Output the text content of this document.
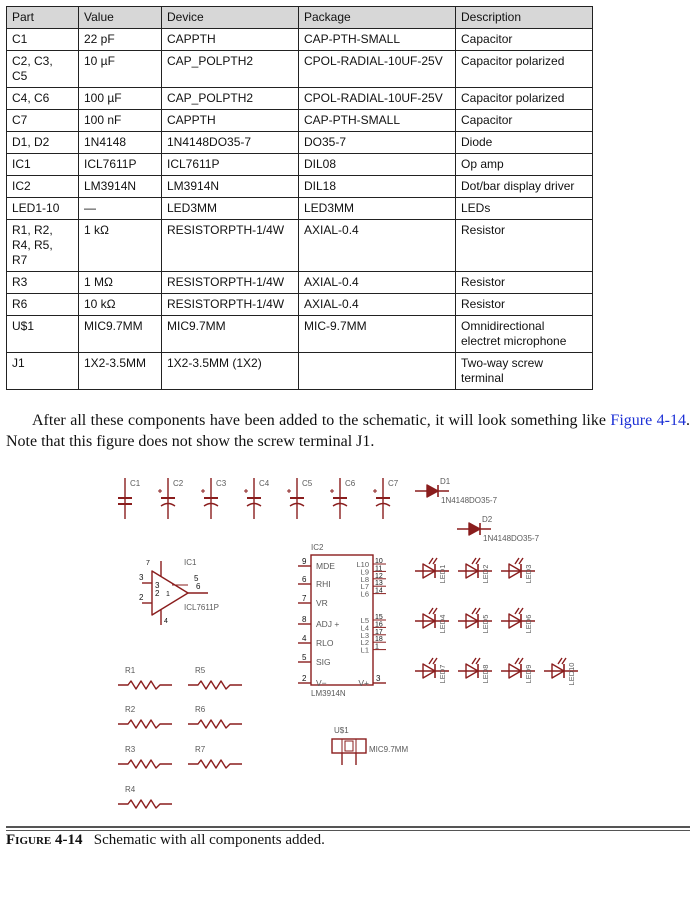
Part	Value	Device	Package	Description
C1	22 pF	CAPPTH	CAP-PTH-SMALL	Capacitor
C2, C3,
C5	10 µF	CAP_POLPTH2	CPOL-RADIAL-10UF-25V	Capacitor polarized
C4, C6	100 µF	CAP_POLPTH2	CPOL-RADIAL-10UF-25V	Capacitor polarized
C7	100 nF	CAPPTH	CAP-PTH-SMALL	Capacitor
D1, D2	1N4148	1N4148DO35-7	DO35-7	Diode
IC1	ICL7611P	ICL7611P	DIL08	Op amp
IC2	LM3914N	LM3914N	DIL18	Dot/bar display driver
LED1-10	—	LED3MM	LED3MM	LEDs
R1, R2,
R4, R5,
R7	1 kΩ	RESISTORPTH-1/4W	AXIAL-0.4	Resistor
R3	1 MΩ	RESISTORPTH-1/4W	AXIAL-0.4	Resistor
R6	10 kΩ	RESISTORPTH-1/4W	AXIAL-0.4	Resistor
U$1	MIC9.7MM	MIC9.7MM	MIC-9.7MM	Omnidirectional
electret microphone
J1	1X2-3.5MM	1X2-3.5MM (1X2)		Two-way screw
terminal

After all these components have been added to the schematic, it will look something like Figure 4-14. Note that this figure does not show the screw terminal J1.

C1	C2	C3	C4	C5	C6	C7	D1
1N4148DO35-7
D2
1N4148DO35-7
3
2
7
3
2	1
5
6
4
IC1
ICL7611P
IC2
LM3914N
9 MDE
6 RHI
7 VR
8 ADJ +
4 RLO
5 SIG
2 V−
L10 10
L9 11
L8 12
L7 13
L6 14
L5 15
L4 16
L3 17
L2 18
L1 1
V+ 3
LED1	LED2	LED3
LED4	LED5	LED6
LED7	LED8	LED9	LED10
R1
R2
R3
R4
R5
R6
R7
U$1
MIC9.7MM

Figure 4-14 Schematic with all components added.
